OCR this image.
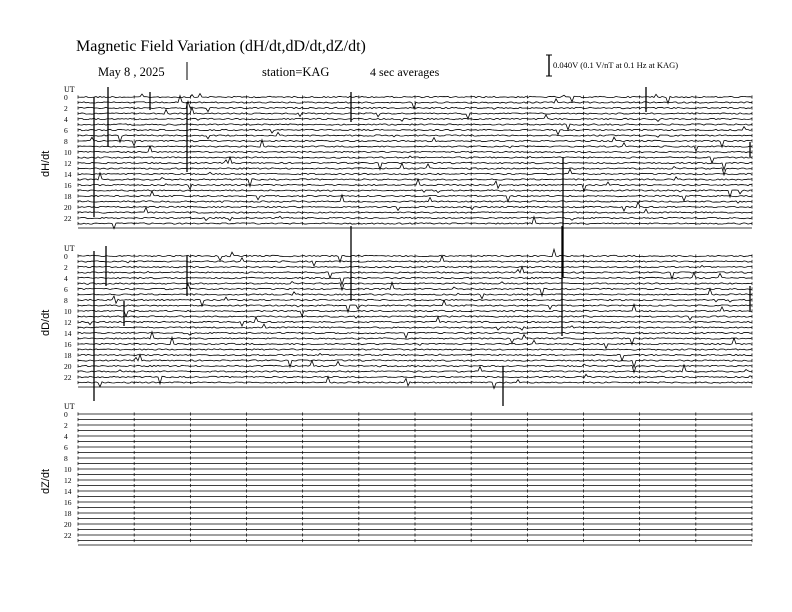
UT
0
2
4
6
8
10
12
14
16
18
20
22
UT
0
2
4
6
8
10
12
14
16
18
20
22
UT
0
2
4
6
8
10
12
14
16
18
20
22
Magnetic Field Variation (dH/dt,dD/dt,dZ/dt)
May 8 , 2025	station=KAG	4 sec averages	0.040V (0.1 V/nT at 0.1 Hz at KAG)
dH/dt
dD/dt
dZ/dt
